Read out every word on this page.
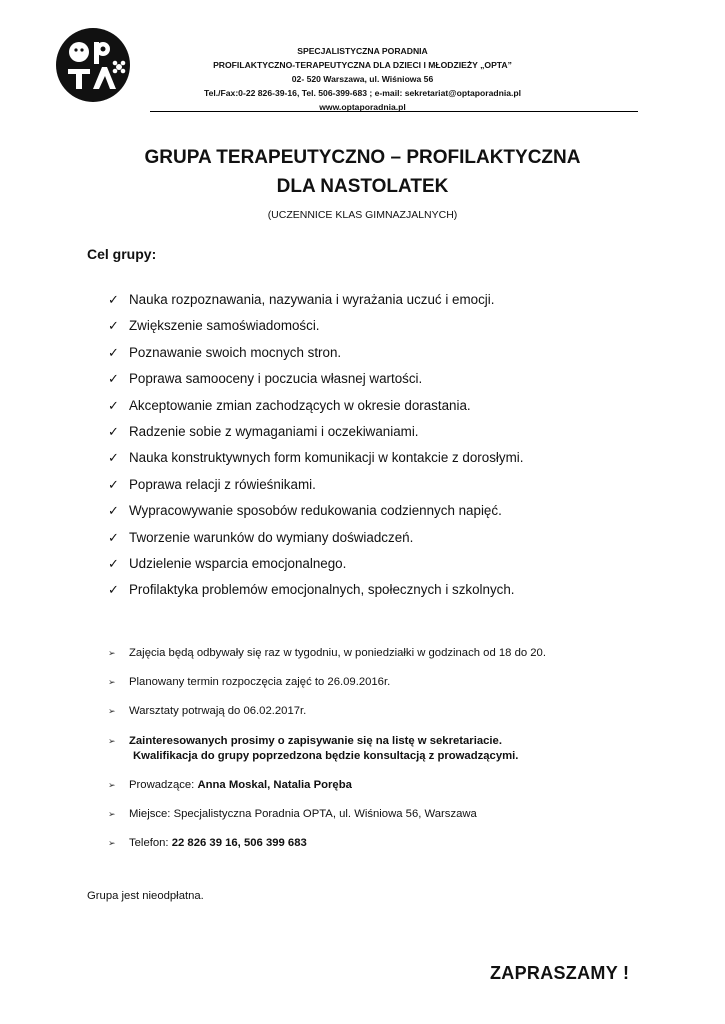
SPECJALISTYCZNA PORADNIA
PROFILAKTYCZNO-TERAPEUTYCZNA DLA DZIECI I MŁODZIEŻY „OPTA”
02- 520 Warszawa, ul. Wiśniowa 56
Tel./Fax:0-22 826-39-16, Tel. 506-399-683 ; e-mail: sekretariat@optaporadnia.pl
www.optaporadnia.pl
GRUPA TERAPEUTYCZNO – PROFILAKTYCZNA
DLA NASTOLATEK
(UCZENNICE KLAS GIMNAZJALNYCH)
Cel grupy:
✓ Nauka rozpoznawania, nazywania i wyrażania uczuć i emocji.
✓ Zwiększenie samoświadomości.
✓ Poznawanie swoich mocnych stron.
✓ Poprawa samooceny i poczucia własnej wartości.
✓ Akceptowanie zmian zachodzących w okresie dorastania.
✓ Radzenie sobie z wymaganiami i oczekiwaniami.
✓ Nauka konstruktywnych form komunikacji w kontakcie z dorosłymi.
✓ Poprawa relacji z rówieśnikami.
✓ Wypracowywanie sposobów redukowania codziennych napięć.
✓ Tworzenie warunków do wymiany doświadczeń.
✓ Udzielenie wsparcia emocjonalnego.
✓ Profilaktyka problemów emocjonalnych, społecznych i szkolnych.
➢ Zajęcia będą odbywały się raz w tygodniu, w poniedziałki w godzinach od 18 do 20.
➢ Planowany termin rozpoczęcia zajęć to 26.09.2016r.
➢ Warsztaty potrwają do 06.02.2017r.
➢ Zainteresowanych prosimy o zapisywanie się na listę w sekretariacie.
Kwalifikacja do grupy poprzedzona będzie konsultacją z prowadzącymi.
➢ Prowadzące: Anna Moskal, Natalia Poręba
➢ Miejsce: Specjalistyczna Poradnia OPTA, ul. Wiśniowa 56, Warszawa
➢ Telefon: 22 826 39 16, 506 399 683
Grupa jest nieodpłatna.
ZAPRASZAMY !
